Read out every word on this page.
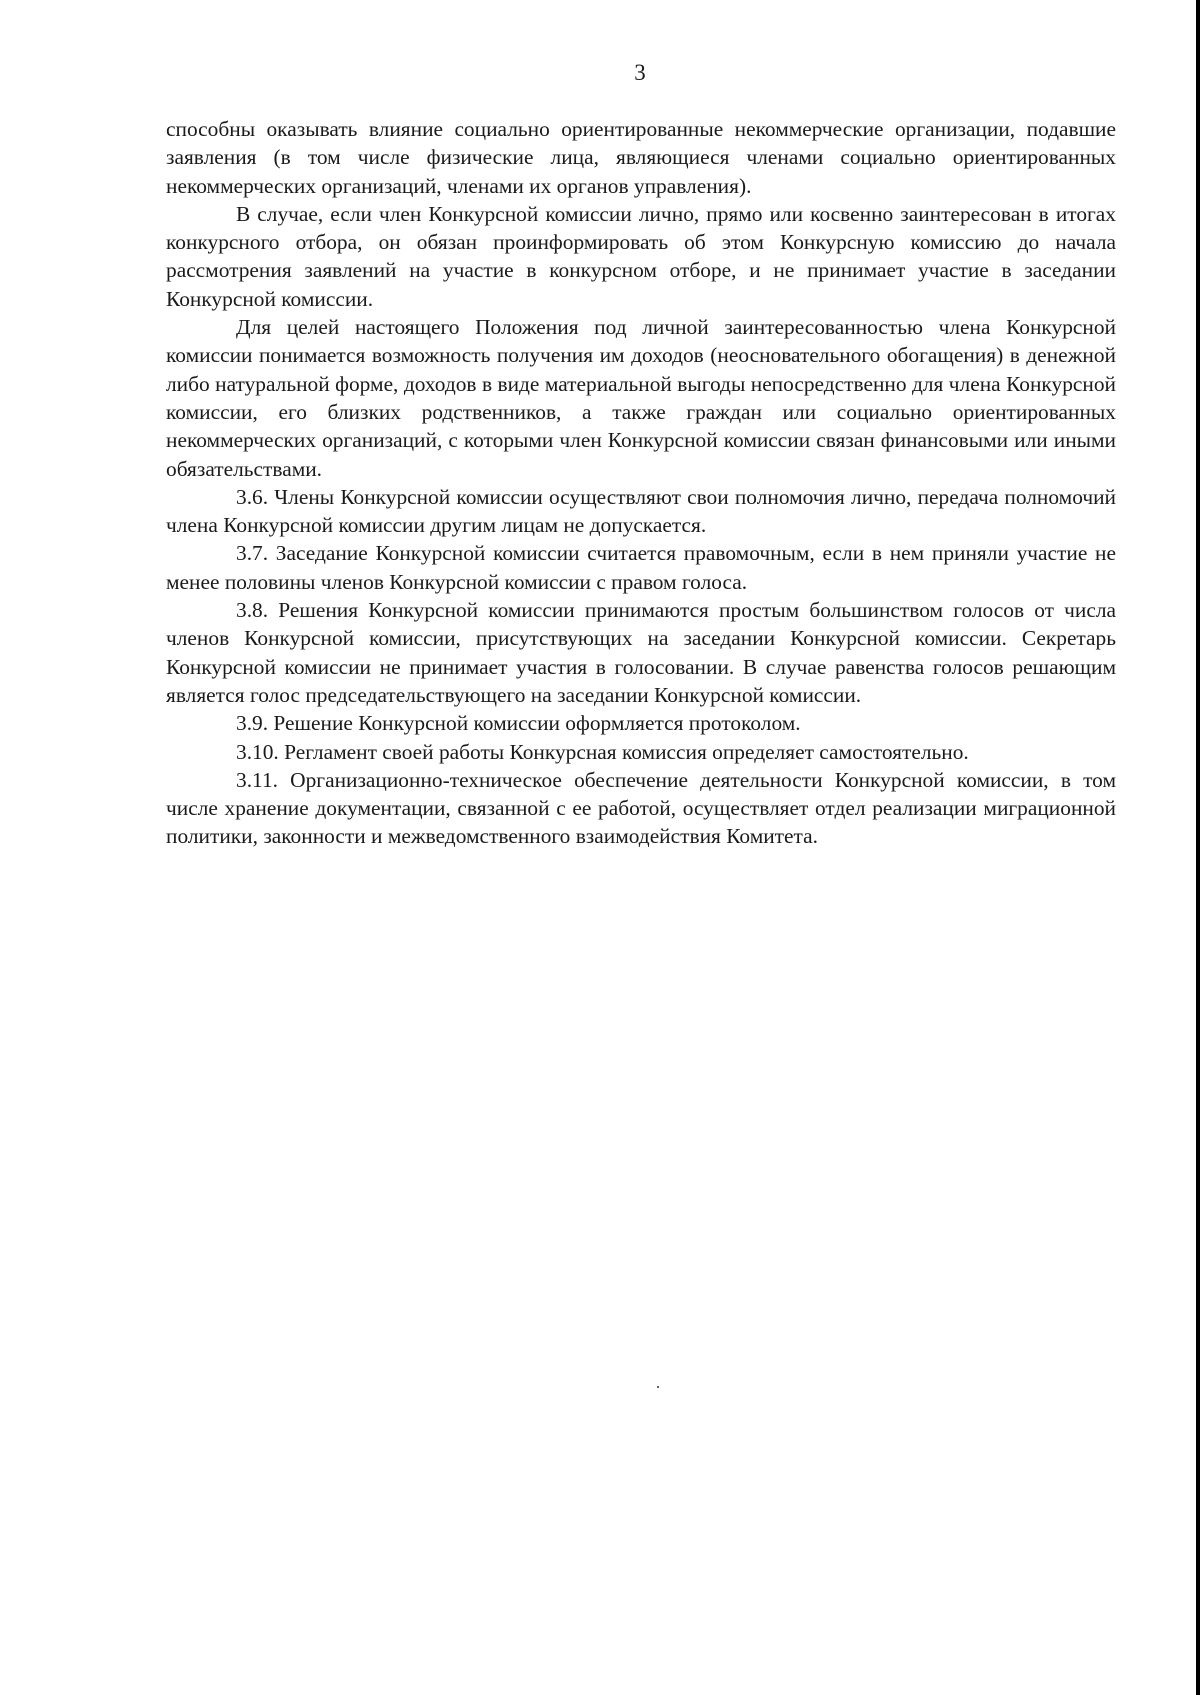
3

способны оказывать влияние социально ориентированные некоммерческие организации, подавшие заявления (в том числе физические лица, являющиеся членами социально ориентированных некоммерческих организаций, членами их органов управления).

В случае, если член Конкурсной комиссии лично, прямо или косвенно заинтересован в итогах конкурсного отбора, он обязан проинформировать об этом Конкурсную комиссию до начала рассмотрения заявлений на участие в конкурсном отборе, и не принимает участие в заседании Конкурсной комиссии.

Для целей настоящего Положения под личной заинтересованностью члена Конкурсной комиссии понимается возможность получения им доходов (неосновательного обогащения) в денежной либо натуральной форме, доходов в виде материальной выгоды непосредственно для члена Конкурсной комиссии, его близких родственников, а также граждан или социально ориентированных некоммерческих организаций, с которыми член Конкурсной комиссии связан финансовыми или иными обязательствами.

3.6. Члены Конкурсной комиссии осуществляют свои полномочия лично, передача полномочий члена Конкурсной комиссии другим лицам не допускается.

3.7. Заседание Конкурсной комиссии считается правомочным, если в нем приняли участие не менее половины членов Конкурсной комиссии с правом голоса.

3.8. Решения Конкурсной комиссии принимаются простым большинством голосов от числа членов Конкурсной комиссии, присутствующих на заседании Конкурсной комиссии. Секретарь Конкурсной комиссии не принимает участия в голосовании. В случае равенства голосов решающим является голос председательствующего на заседании Конкурсной комиссии.

3.9. Решение Конкурсной комиссии оформляется протоколом.

3.10. Регламент своей работы Конкурсная комиссия определяет самостоятельно.

3.11. Организационно-техническое обеспечение деятельности Конкурсной комиссии, в том числе хранение документации, связанной с ее работой, осуществляет отдел реализации миграционной политики, законности и межведомственного взаимодействия Комитета.
